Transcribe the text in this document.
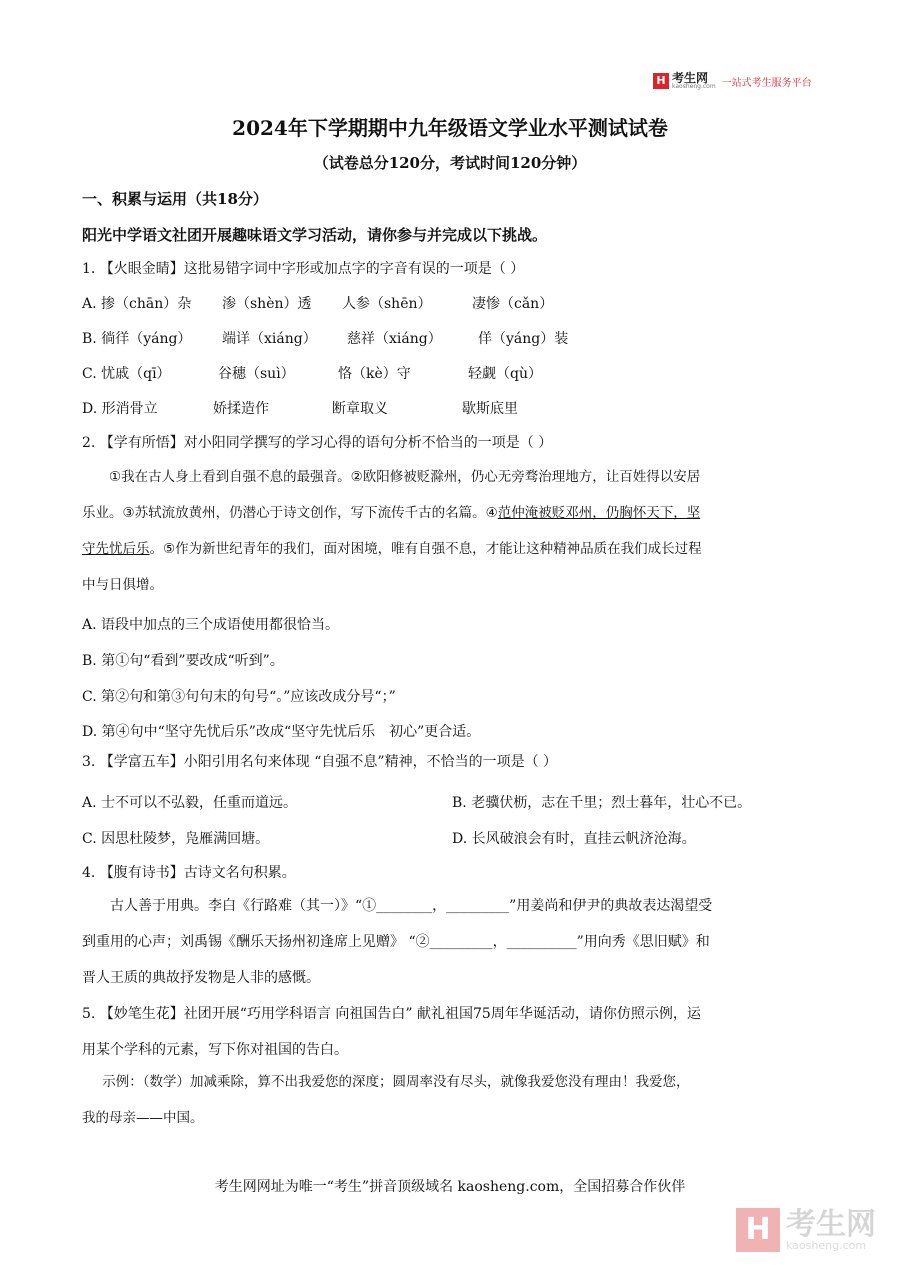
H 考生网
kaosheng.com 一站式考生服务平台
2024年下学期期中九年级语文学业水平测试试卷
（试卷总分120分，考试时间120分钟）
一、积累与运用（共18分）
阳光中学语文社团开展趣味语文学习活动，请你参与并完成以下挑战。
1. 【火眼金睛】这批易错字词中字形或加点字的字音有误的一项是（ ）
A. 掺（chān）杂 渗（shèn）透 人参（shēn）	凄惨（cǎn）
B. 徜徉（yáng） 端详（xiáng） 慈祥（xiáng）	佯（yáng）装
C. 忧戚（qī）	谷穗（suì）	恪（kè）守	轻觑（qù）
D. 形消骨立	娇揉造作	断章取义	歇斯底里
2. 【学有所悟】对小阳同学撰写的学习心得的语句分析不恰当的一项是（ ）
①我在古人身上看到自强不息的最强音。②欧阳修被贬滁州，仍心无旁骛治理地方，让百姓得以安居
乐业。③苏轼流放黄州，仍潜心于诗文创作，写下流传千古的名篇。④范仲淹被贬邓州，仍胸怀天下，坚
守先忧后乐。⑤作为新世纪青年的我们，面对困境，唯有自强不息，才能让这种精神品质在我们成长过程
中与日俱增。
A. 语段中加点的三个成语使用都很恰当。
B. 第①句“看到”要改成“听到”。
C. 第②句和第③句句末的句号“。”应该改成分号“；”
D. 第④句中“坚守先忧后乐”改成“坚守先忧后乐　初心”更合适。
3. 【学富五车】小阳引用名句来体现 “自强不息”精神，不恰当的一项是（ ）
A. 士不可以不弘毅，任重而道远。	B. 老骥伏枥，志在千里；烈士暮年，壮心不已。
C. 因思杜陵梦，凫雁满回塘。	D. 长风破浪会有时，直挂云帆济沧海。
4. 【腹有诗书】古诗文名句积累。
古人善于用典。李白《行路难（其一）》“①________，_________”用姜尚和伊尹的典故表达渴望受
到重用的心声；刘禹锡《酬乐天扬州初逢席上见赠》 “②_________，__________”用向秀《思旧赋》和
晋人王质的典故抒发物是人非的感慨。
5. 【妙笔生花】社团开展“巧用学科语言 向祖国告白” 献礼祖国75周年华诞活动，请你仿照示例，运
用某个学科的元素，写下你对祖国的告白。
示例：（数学）加减乘除，算不出我爱您的深度；圆周率没有尽头，就像我爱您没有理由！我爱您，
我的母亲——中国。
考生网网址为唯一“考生”拼音顶级域名 kaosheng.com，全国招募合作伙伴
H 考生网
kaosheng.com
